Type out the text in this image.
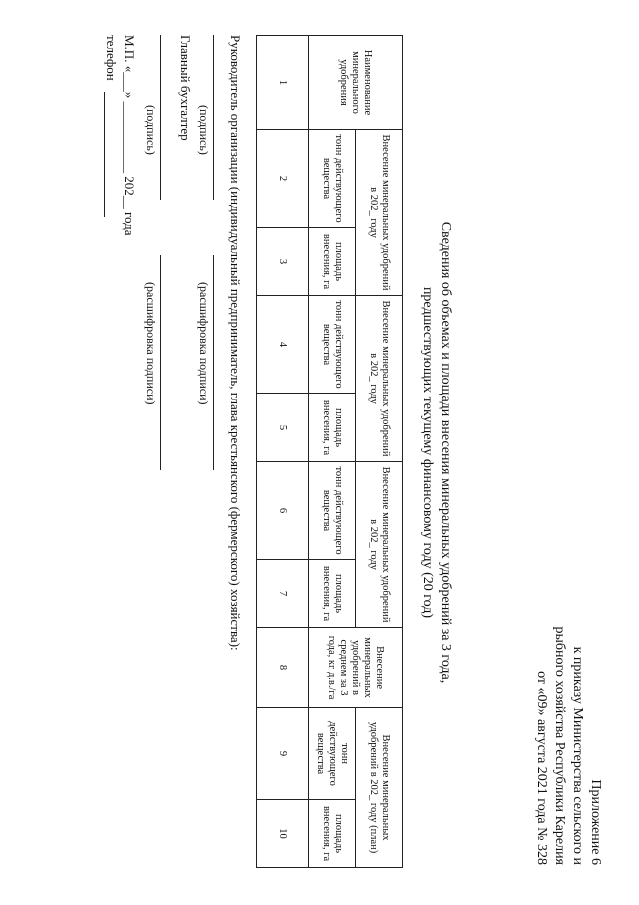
Приложение 6
к приказу Министерства сельского и
рыбного хозяйства Республики Карелия
от «09» августа 2021 года № 328
Сведения об объемах и площади внесения минеральных удобрений за 3 года,
предшествующих текущему финансовому году (20 год)
Наименование минерального удобрения	Внесение минеральных удобрений в 202_ году		Внесение минеральных удобрений в 202_ году		Внесение минеральных удобрений в 202_ году		Внесение минеральных удобрений в среднем за 3 года, кг д.в./га	Внесение минеральных удобрений в 202_ году (план)	
	тонн действующего вещества	площадь внесения, га	тонн действующего вещества	площадь внесения, га	тонн действующего вещества	площадь внесения, га		тонн действующего вещества	площадь внесения, га
1	2	3	4	5	6	7	8	9	10
Руководитель организации (индивидуальный предприниматель, глава крестьянского (фермерского) хозяйства):
(подпись)
(расшифровка подписи)
Главный бухгалтер
(подпись)
(расшифровка подписи)
М.П. «___» ___________ 202__ года
телефон
